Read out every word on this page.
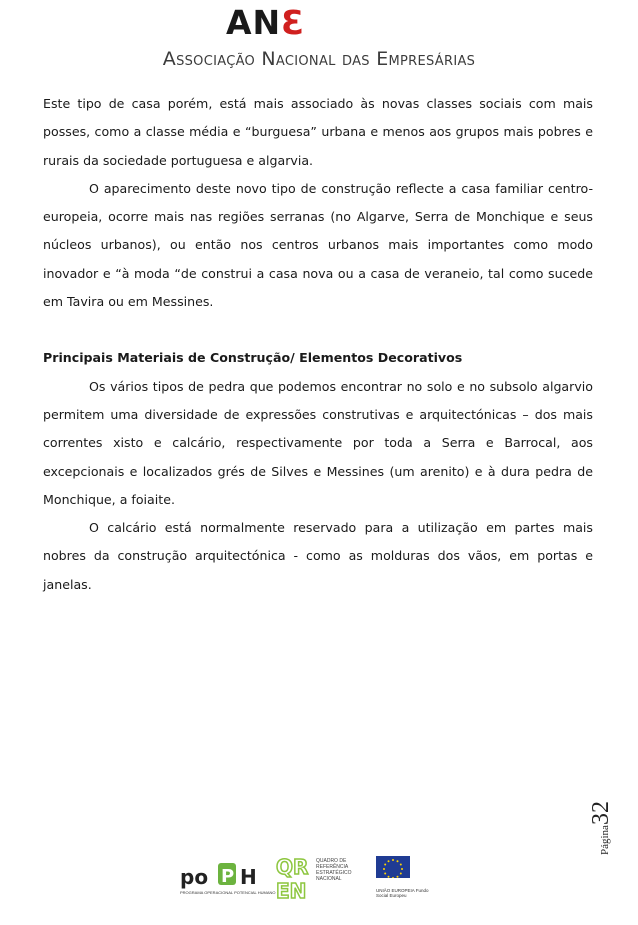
ANƐ
Associação Nacional das Empresárias

Este tipo de casa porém, está mais associado às novas classes sociais com mais posses, como a classe média e “burguesa” urbana e menos aos grupos mais pobres e rurais da sociedade portuguesa e algarvia.

O aparecimento deste novo tipo de construção reflecte a casa familiar centro-europeia, ocorre mais nas regiões serranas (no Algarve, Serra de Monchique e seus núcleos urbanos), ou então nos centros urbanos mais importantes como modo inovador e “à moda “de construi a casa nova ou a casa de veraneio, tal como sucede em Tavira ou em Messines.

Principais Materiais de Construção/ Elementos Decorativos

Os vários tipos de pedra que podemos encontrar no solo e no subsolo algarvio permitem uma diversidade de expressões construtivas e arquitectónicas – dos mais correntes xisto e calcário, respectivamente por toda a Serra e Barrocal, aos excepcionais e localizados grés de Silves e Messines (um arenito) e à dura pedra de Monchique, a foiaite.

O calcário está normalmente reservado para a utilização em partes mais nobres da construção arquitectónica - como as molduras dos vãos, em portas e janelas.

Página32
po P H
PROGRAMA OPERACIONAL POTENCIAL HUMANO
QR
EN
QUADRO DE REFERÊNCIA ESTRATÉGICO NACIONAL
UNIÃO EUROPEIA Fundo Social Europeu
